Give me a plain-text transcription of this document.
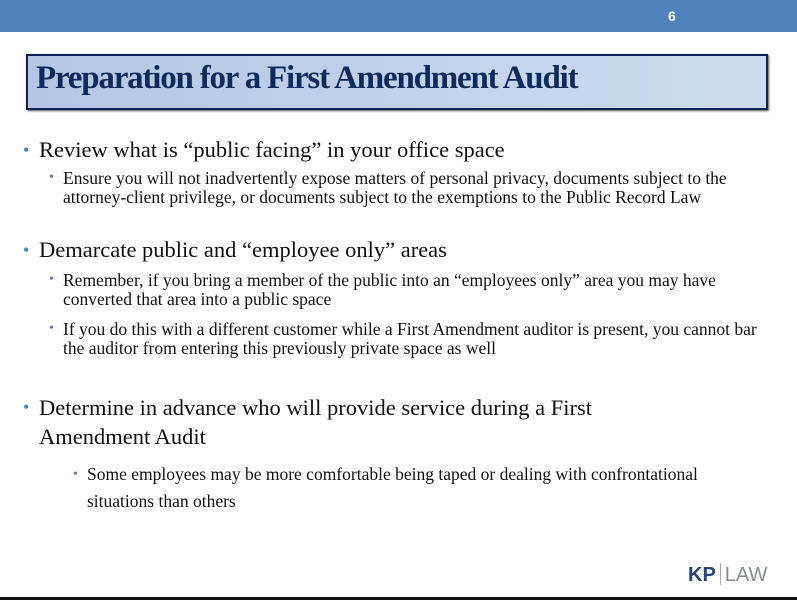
6
Preparation for a First Amendment Audit
• Review what is “public facing” in your office space
• Ensure you will not inadvertently expose matters of personal privacy, documents subject to the attorney-client privilege, or documents subject to the exemptions to the Public Record Law
• Demarcate public and “employee only” areas
• Remember, if you bring a member of the public into an “employees only” area you may have converted that area into a public space
• If you do this with a different customer while a First Amendment auditor is present, you cannot bar the auditor from entering this previously private space as well
• Determine in advance who will provide service during a First Amendment Audit
• Some employees may be more comfortable being taped or dealing with confrontational situations than others
KP LAW
